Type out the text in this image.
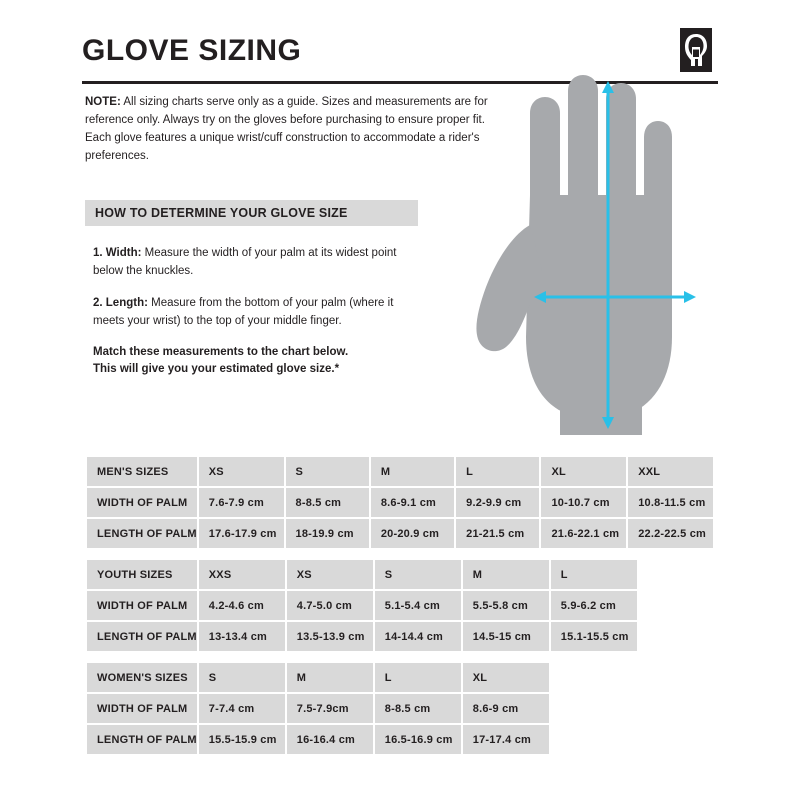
GLOVE SIZING
NOTE: All sizing charts serve only as a guide. Sizes and measurements are for reference only. Always try on the gloves before purchasing to ensure proper fit. Each glove features a unique wrist/cuff construction to accommodate a rider's preferences.
HOW TO DETERMINE YOUR GLOVE SIZE

1. Width: Measure the width of your palm at its widest point below the knuckles.

2. Length: Measure from the bottom of your palm (where it meets your wrist) to the top of your middle finger.

Match these measurements to the chart below.
This will give you your estimated glove size.*

MEN'S SIZES	XS	S	M	L	XL	XXL
WIDTH OF PALM	7.6-7.9 cm	8-8.5 cm	8.6-9.1 cm	9.2-9.9 cm	10-10.7 cm	10.8-11.5 cm
LENGTH OF PALM	17.6-17.9 cm	18-19.9 cm	20-20.9 cm	21-21.5 cm	21.6-22.1 cm	22.2-22.5 cm
YOUTH SIZES	XXS	XS	S	M	L
WIDTH OF PALM	4.2-4.6 cm	4.7-5.0 cm	5.1-5.4 cm	5.5-5.8 cm	5.9-6.2 cm
LENGTH OF PALM	13-13.4 cm	13.5-13.9 cm	14-14.4 cm	14.5-15 cm	15.1-15.5 cm
WOMEN'S SIZES	S	M	L	XL
WIDTH OF PALM	7-7.4 cm	7.5-7.9cm	8-8.5 cm	8.6-9 cm
LENGTH OF PALM	15.5-15.9 cm	16-16.4 cm	16.5-16.9 cm	17-17.4 cm
